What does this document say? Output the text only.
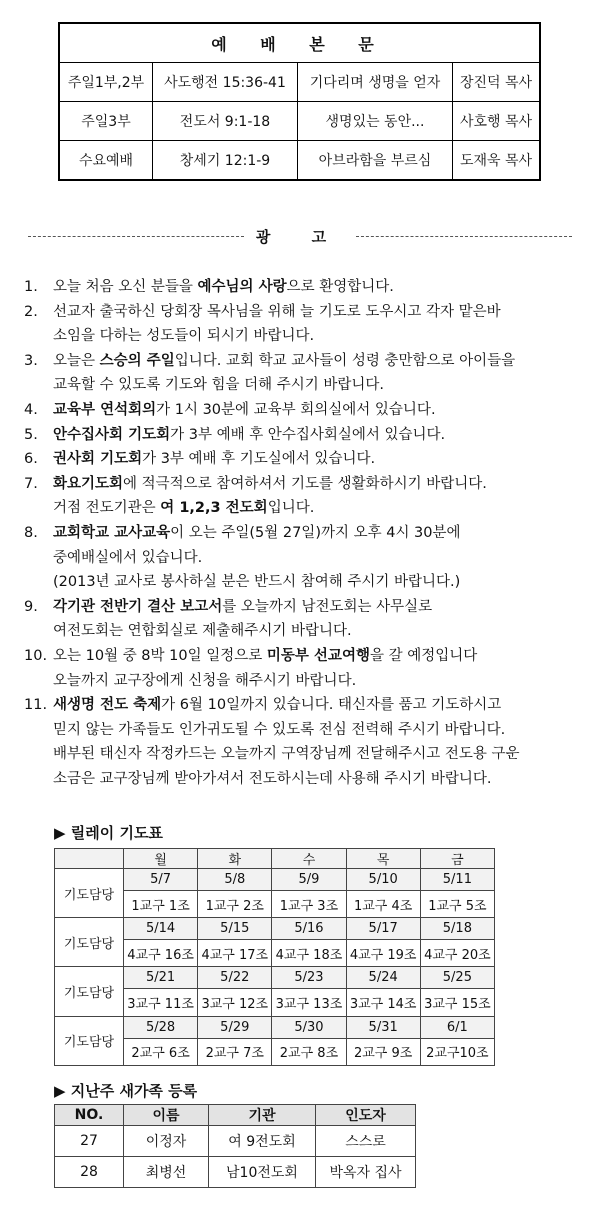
예 배 본 문			
주일1부,2부	사도행전 15:36-41	기다리며 생명을 얻자	장진덕 목사
주일3부	전도서 9:1-18	생명있는 동안...	사호행 목사
수요예배	창세기 12:1-9	아브라함을 부르심	도재욱 목사
광 고
1. 오늘 처음 오신 분들을 예수님의 사랑으로 환영합니다.
2. 선교자 출국하신 당회장 목사님을 위해 늘 기도로 도우시고 각자 맡은바
소임을 다하는 성도들이 되시기 바랍니다.
3. 오늘은 스승의 주일입니다. 교회 학교 교사들이 성령 충만함으로 아이들을
교육할 수 있도록 기도와 힘을 더해 주시기 바랍니다.
4. 교육부 연석회의가 1시 30분에 교육부 회의실에서 있습니다.
5. 안수집사회 기도회가 3부 예배 후 안수집사회실에서 있습니다.
6. 권사회 기도회가 3부 예배 후 기도실에서 있습니다.
7. 화요기도회에 적극적으로 참여하셔서 기도를 생활화하시기 바랍니다.
거점 전도기관은 여 1,2,3 전도회입니다.
8. 교회학교 교사교육이 오는 주일(5월 27일)까지 오후 4시 30분에
중예배실에서 있습니다.
(2013년 교사로 봉사하실 분은 반드시 참여해 주시기 바랍니다.)
9. 각기관 전반기 결산 보고서를 오늘까지 남전도회는 사무실로
여전도회는 연합회실로 제출해주시기 바랍니다.
10. 오는 10월 중 8박 10일 일정으로 미동부 선교여행을 갈 예정입니다
오늘까지 교구장에게 신청을 해주시기 바랍니다.
11. 새생명 전도 축제가 6월 10일까지 있습니다. 태신자를 품고 기도하시고
믿지 않는 가족들도 인가귀도될 수 있도록 전심 전력해 주시기 바랍니다.
배부된 태신자 작정카드는 오늘까지 구역장님께 전달해주시고 전도용 구운
소금은 교구장님께 받아가셔서 전도하시는데 사용해 주시기 바랍니다.
▶ 릴레이 기도표
	월	화	수	목	금
기도담당	5/7	5/8	5/9	5/10	5/11
	1교구 1조	1교구 2조	1교구 3조	1교구 4조	1교구 5조
기도담당	5/14	5/15	5/16	5/17	5/18
	4교구 16조	4교구 17조	4교구 18조	4교구 19조	4교구 20조
기도담당	5/21	5/22	5/23	5/24	5/25
	3교구 11조	3교구 12조	3교구 13조	3교구 14조	3교구 15조
기도담당	5/28	5/29	5/30	5/31	6/1
	2교구 6조	2교구 7조	2교구 8조	2교구 9조	2교구10조
▶ 지난주 새가족 등록
NO.	이름	기관	인도자
27	이정자	여 9전도회	스스로
28	최병선	남10전도회	박옥자 집사
